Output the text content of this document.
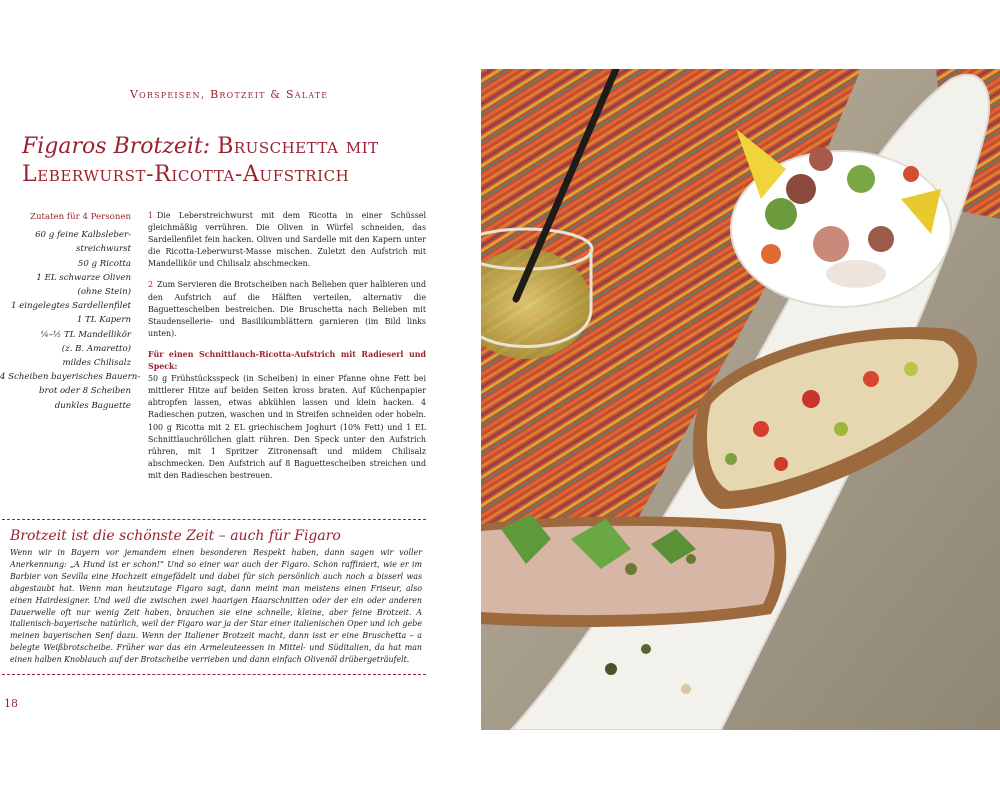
Vorspeisen, Brotzeit & Salate
Figaros Brotzeit: Bruschetta mit
Leberwurst-Ricotta-Aufstrich
Zutaten für 4 Personen
60 g feine Kalbsleber-
streichwurst
50 g Ricotta
1 EL schwarze Oliven
(ohne Stein)
1 eingelegtes Sardellenfilet
1 TL Kapern
¼–½ TL Mandellikör
(z. B. Amaretto)
mildes Chilisalz
4 Scheiben bayerisches Bauern-
brot oder 8 Scheiben
dunkles Baguette

1 Die Leberstreichwurst mit dem Ricotta in einer Schüssel gleichmäßig verrühren. Die Oliven in Würfel schneiden, das Sardellenfilet fein hacken. Oliven und Sardelle mit den Kapern unter die Ricotta-Leberwurst-Masse mischen. Zuletzt den Aufstrich mit Mandellikör und Chilisalz abschmecken.

2 Zum Servieren die Brotscheiben nach Belieben quer halbieren und den Aufstrich auf die Hälften verteilen, alternativ die Baguettescheiben bestreichen. Die Bruschetta nach Belieben mit Staudensellerie- und Basilikumblättern garnieren (im Bild links unten).

Für einen Schnittlauch-Ricotta-Aufstrich mit Radieserl und Speck:
50 g Frühstücksspeck (in Scheiben) in einer Pfanne ohne Fett bei mittlerer Hitze auf beiden Seiten kross braten. Auf Küchenpapier abtropfen lassen, etwas abkühlen lassen und klein hacken. 4 Radieschen putzen, waschen und in Streifen schneiden oder hobeln. 100 g Ricotta mit 2 EL griechischem Joghurt (10% Fett) und 1 EL Schnittlauchröllchen glatt rühren. Den Speck unter den Aufstrich rühren, mit 1 Spritzer Zitronensaft und mildem Chilisalz abschmecken. Den Aufstrich auf 8 Baguettescheiben streichen und mit den Radieschen bestreuen.

Brotzeit ist die schönste Zeit – auch für Figaro
Wenn wir in Bayern vor jemandem einen besonderen Respekt haben, dann sagen wir voller Anerkennung: „A Hund ist er schon!“ Und so einer war auch der Figaro. Schon raffiniert, wie er im Barbier von Sevilla eine Hochzeit eingefädelt und dabei für sich persönlich auch noch a bisserl was abgestaubt hat. Wenn man heutzutage Figaro sagt, dann meint man meistens einen Friseur, also einen Hairdesigner. Und weil die zwischen zwei haarigen Haarschnitten oder der ein oder anderen Dauerwelle oft nur wenig Zeit haben, brauchen sie eine schnelle, kleine, aber feine Brotzeit. A italienisch-bayerische natürlich, weil der Figaro war ja der Star einer italienischen Oper und ich gebe meinen bayerischen Senf dazu. Wenn der Italiener Brotzeit macht, dann isst er eine Bruschetta – a belegte Weißbrotscheibe. Früher war das ein Armeleuteessen in Mittel- und Süditalien, da hat man einen halben Knoblauch auf der Brotscheibe verrieben und dann einfach Olivenöl drübergeträufelt.
18
